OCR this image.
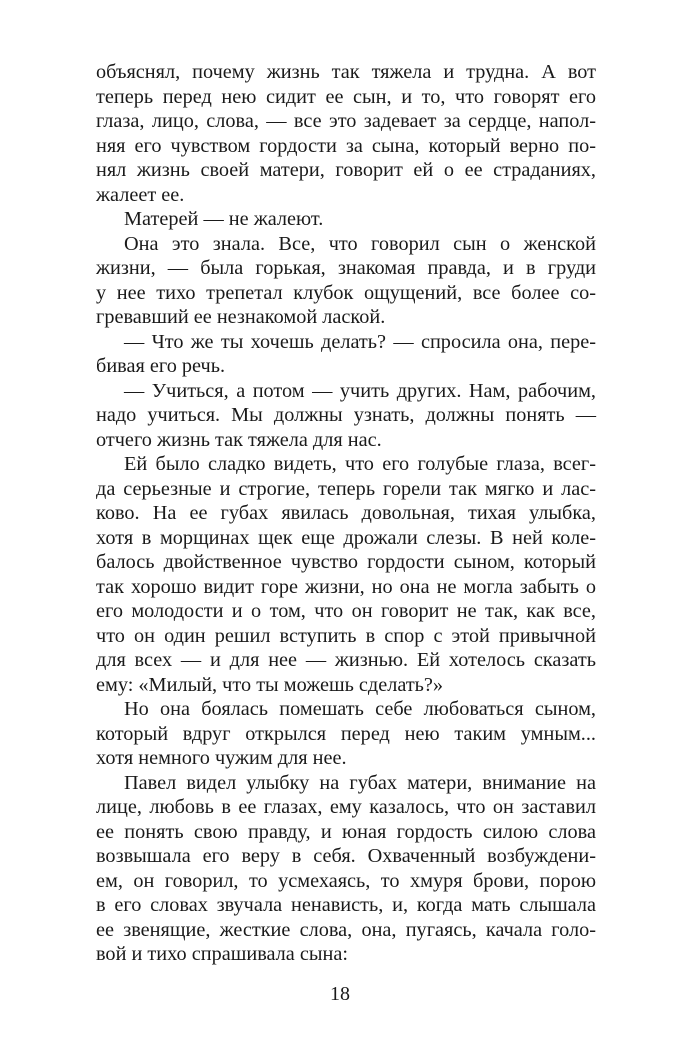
объяснял, почему жизнь так тяжела и трудна. А вот
теперь перед нею сидит ее сын, и то, что говорят его
глаза, лицо, слова, — все это задевает за сердце, напол-
няя его чувством гордости за сына, который верно по-
нял жизнь своей матери, говорит ей о ее страданиях,
жалеет ее.
Матерей — не жалеют.
Она это знала. Все, что говорил сын о женской
жизни, — была горькая, знакомая правда, и в груди
у нее тихо трепетал клубок ощущений, все более со-
гревавший ее незнакомой лаской.
— Что же ты хочешь делать? — спросила она, пере-
бивая его речь.
— Учиться, а потом — учить других. Нам, рабочим,
надо учиться. Мы должны узнать, должны понять —
отчего жизнь так тяжела для нас.
Ей было сладко видеть, что его голубые глаза, всег-
да серьезные и строгие, теперь горели так мягко и лас-
ково. На ее губах явилась довольная, тихая улыбка,
хотя в морщинах щек еще дрожали слезы. В ней коле-
балось двойственное чувство гордости сыном, который
так хорошо видит горе жизни, но она не могла забыть о
его молодости и о том, что он говорит не так, как все,
что он один решил вступить в спор с этой привычной
для всех — и для нее — жизнью. Ей хотелось сказать
ему: «Милый, что ты можешь сделать?»
Но она боялась помешать себе любоваться сыном,
который вдруг открылся перед нею таким умным...
хотя немного чужим для нее.
Павел видел улыбку на губах матери, внимание на
лице, любовь в ее глазах, ему казалось, что он заставил
ее понять свою правду, и юная гордость силою слова
возвышала его веру в себя. Охваченный возбуждени-
ем, он говорил, то усмехаясь, то хмуря брови, порою
в его словах звучала ненависть, и, когда мать слышала
ее звенящие, жесткие слова, она, пугаясь, качала голо-
вой и тихо спрашивала сына:
18
